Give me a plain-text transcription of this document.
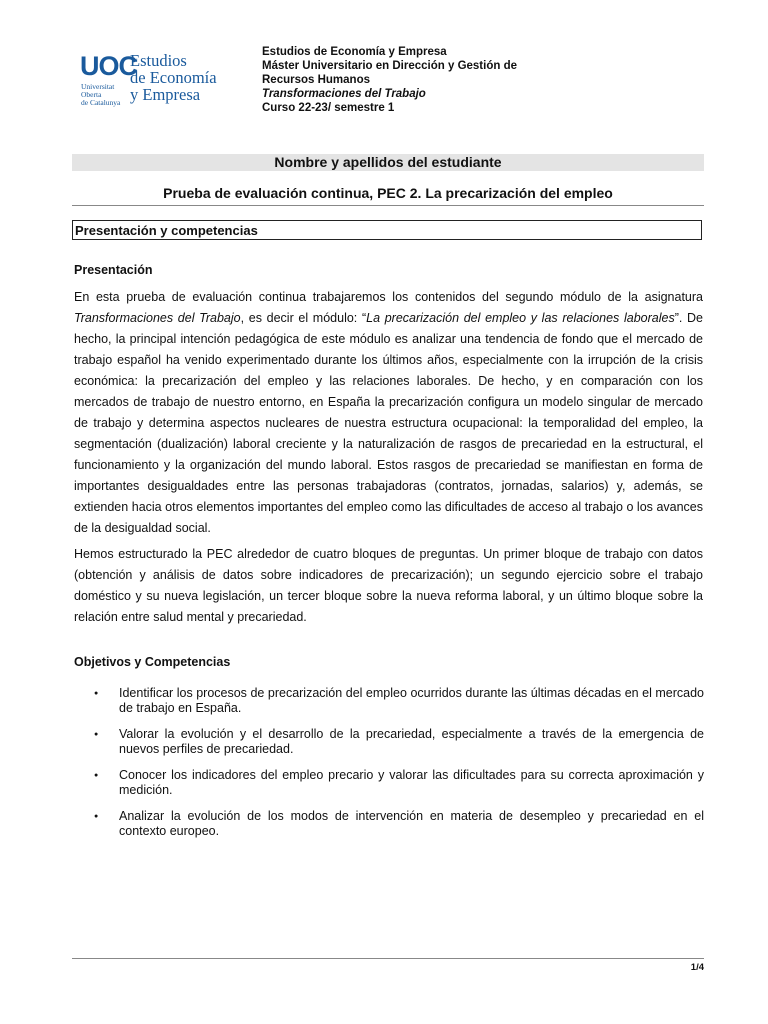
UOC
Universitat
Oberta
de Catalunya
Estudios
de Economía
y Empresa
Estudios de Economía y Empresa
Máster Universitario en Dirección y Gestión de
Recursos Humanos
Transformaciones del Trabajo
Curso 22-23/ semestre 1
Nombre y apellidos del estudiante
Prueba de evaluación continua, PEC 2. La precarización del empleo
Presentación y competencias
Presentación

En esta prueba de evaluación continua trabajaremos los contenidos del segundo módulo de la asignatura Transformaciones del Trabajo, es decir el módulo: “La precarización del empleo y las relaciones laborales”. De hecho, la principal intención pedagógica de este módulo es analizar una tendencia de fondo que el mercado de trabajo español ha venido experimentado durante los últimos años, especialmente con la irrupción de la crisis económica: la precarización del empleo y las relaciones laborales. De hecho, y en comparación con los mercados de trabajo de nuestro entorno, en España la precarización configura un modelo singular de mercado de trabajo y determina aspectos nucleares de nuestra estructura ocupacional: la temporalidad del empleo, la segmentación (dualización) laboral creciente y la naturalización de rasgos de precariedad en la estructural, el funcionamiento y la organización del mundo laboral. Estos rasgos de precariedad se manifiestan en forma de importantes desigualdades entre las personas trabajadoras (contratos, jornadas, salarios) y, además, se extienden hacia otros elementos importantes del empleo como las dificultades de acceso al trabajo o los avances de la desigualdad social.

Hemos estructurado la PEC alrededor de cuatro bloques de preguntas. Un primer bloque de trabajo con datos (obtención y análisis de datos sobre indicadores de precarización); un segundo ejercicio sobre el trabajo doméstico y su nueva legislación, un tercer bloque sobre la nueva reforma laboral, y un último bloque sobre la relación entre salud mental y precariedad.

Objetivos y Competencias
● Identificar los procesos de precarización del empleo ocurridos durante las últimas décadas en el mercado de trabajo en España.
● Valorar la evolución y el desarrollo de la precariedad, especialmente a través de la emergencia de nuevos perfiles de precariedad.
● Conocer los indicadores del empleo precario y valorar las dificultades para su correcta aproximación y medición.
● Analizar la evolución de los modos de intervención en materia de desempleo y precariedad en el contexto europeo.
1/4
